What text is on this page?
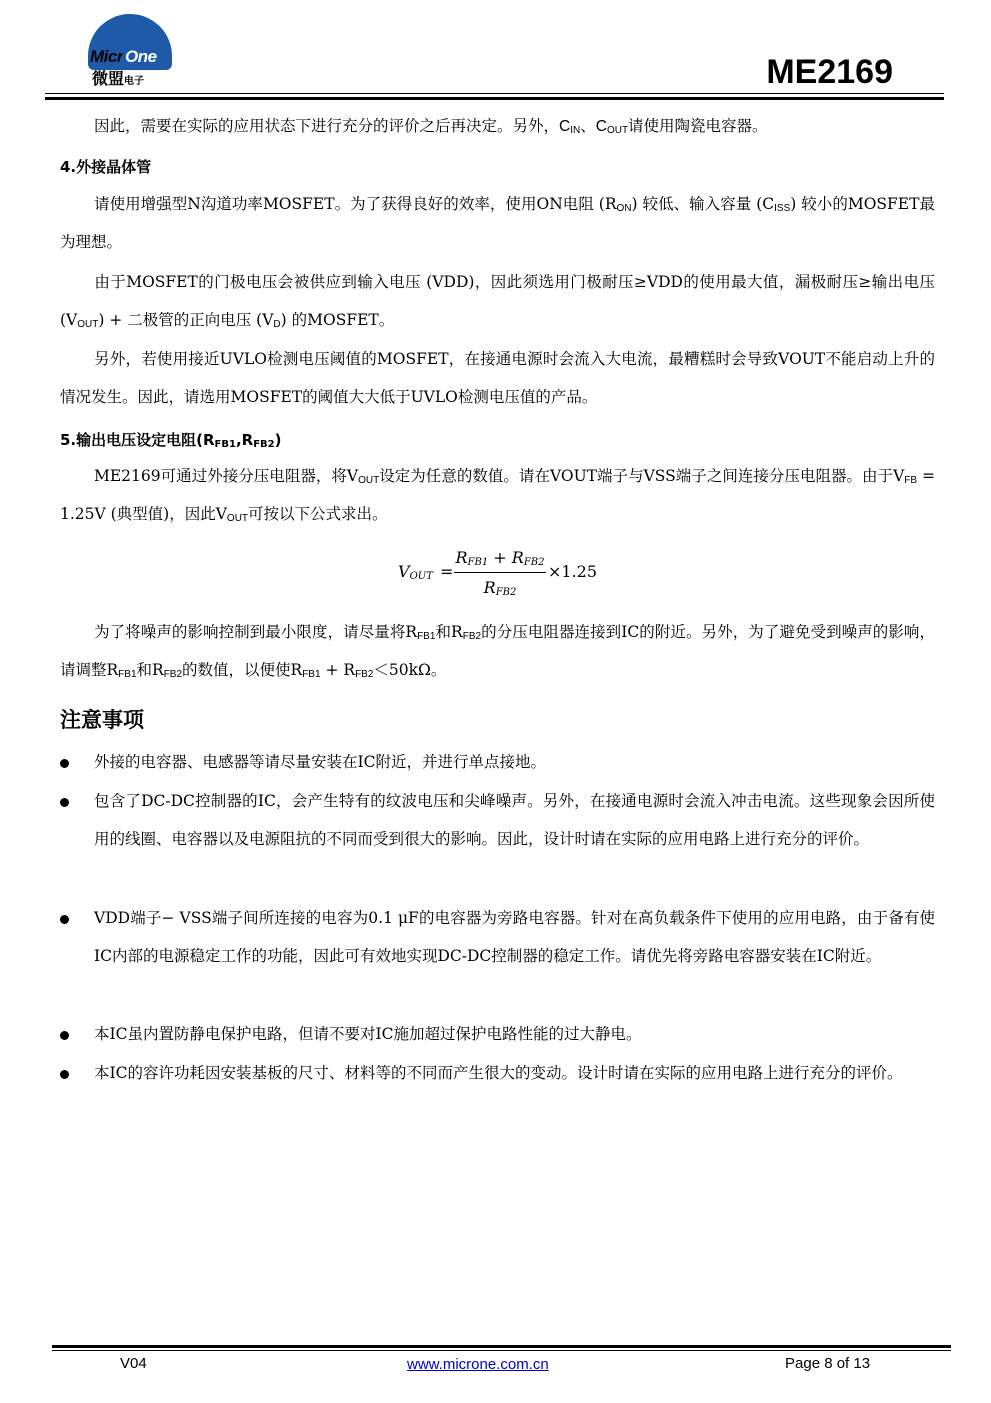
Micr One
微盟电子	ME2169
因此，需要在实际的应用状态下进行充分的评价之后再决定。另外，$C_{IN}$、$C_{OUT}$请使用陶瓷电容器。
4.外接晶体管
请使用增强型N沟道功率MOSFET。为了获得良好的效率，使用ON电阻 $(R_{ON})$ 较低、输入容量 $(C_{ISS})$ 较小的MOSFET最为理想。
由于MOSFET的门极电压会被供应到输入电压 (VDD)，因此须选用门极耐压≥VDD的使用最大值，漏极耐压≥输出电压 $(V_{OUT})$ + 二极管的正向电压 $(V_D)$ 的MOSFET。
另外，若使用接近UVLO检测电压阈值的MOSFET，在接通电源时会流入大电流，最糟糕时会导致VOUT不能启动上升的情况发生。因此，请选用MOSFET的阈值大大低于UVLO检测电压值的产品。
5.输出电压设定电阻$(R_{FB1},R_{FB2})$
ME2169可通过外接分压电阻器，将$V_{OUT}$设定为任意的数值。请在VOUT端子与VSS端子之间连接分压电阻器。由于$V_{FB} = 1.25V$ (典型值)，因此$V_{OUT}$可按以下公式求出。
$V_{OUT}$ =
$R_{FB1} + R_{FB2}$
$R_{FB2}$
×1.25
为了将噪声的影响控制到最小限度，请尽量将$R_{FB1}$和$R_{FB2}$的分压电阻器连接到IC的附近。另外，为了避免受到噪声的影响，请调整$R_{FB1}$和$R_{FB2}$的数值，以便使$R_{FB1} + R_{FB2}<50k\Omega$。
注意事项
外接的电容器、电感器等请尽量安装在IC附近，并进行单点接地。
包含了DC-DC控制器的IC，会产生特有的纹波电压和尖峰噪声。另外，在接通电源时会流入冲击电流。这些现象会因所使用的线圈、电容器以及电源阻抗的不同而受到很大的影响。因此，设计时请在实际的应用电路上进行充分的评价。
VDD端子− VSS端子间所连接的电容为0.1 μF的电容器为旁路电容器。针对在高负载条件下使用的应用电路，由于备有使IC内部的电源稳定工作的功能，因此可有效地实现DC-DC控制器的稳定工作。请优先将旁路电容器安装在IC附近。
本IC虽内置防静电保护电路，但请不要对IC施加超过保护电路性能的过大静电。
本IC的容许功耗因安装基板的尺寸、材料等的不同而产生很大的变动。设计时请在实际的应用电路上进行充分的评价。
V04	www.microne.com.cn	Page 8 of 13
